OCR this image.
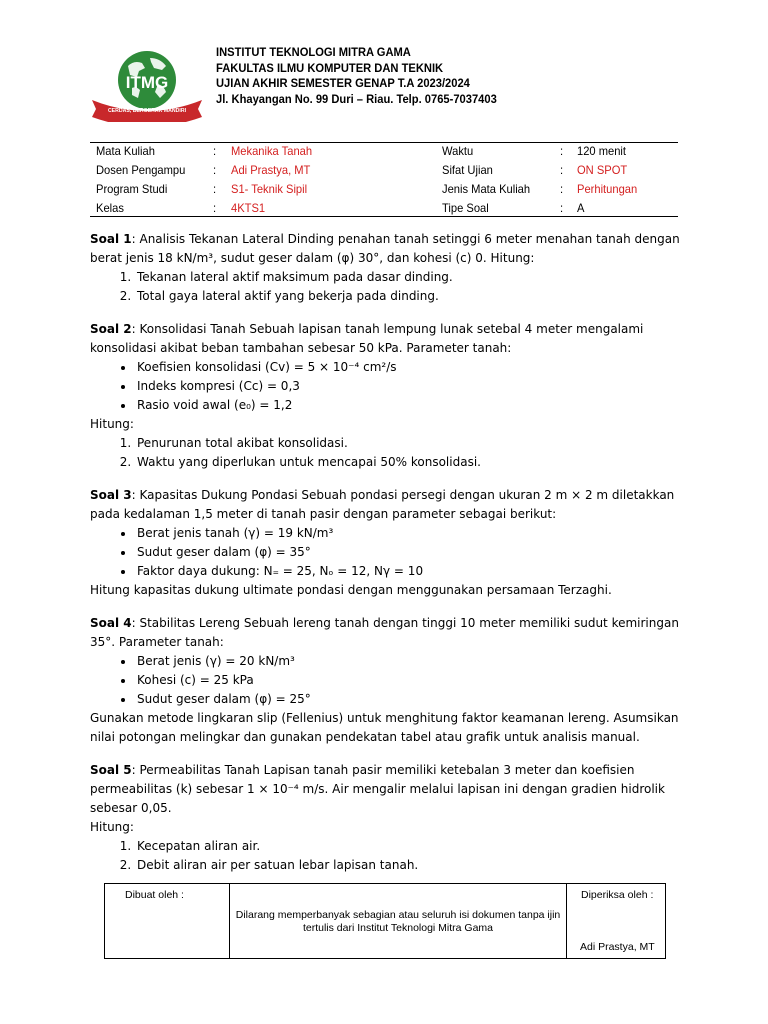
ITMG
CERDAS, BERGERAK MANDIRI
INSTITUT TEKNOLOGI MITRA GAMA
FAKULTAS ILMU KOMPUTER DAN TEKNIK
UJIAN AKHIR SEMESTER GENAP T.A 2023/2024
Jl. Khayangan No. 99 Duri – Riau. Telp. 0765-7037403
Mata Kuliah
Dosen Pengampu
Program Studi
Kelas
:
:
:
:
Mekanika Tanah
Adi Prastya, MT
S1- Teknik Sipil
4KTS1
Waktu
Sifat Ujian
Jenis Mata Kuliah
Tipe Soal
:
:
:
:
120 menit
ON SPOT
Perhitungan
A

Soal 1: Analisis Tekanan Lateral Dinding penahan tanah setinggi 6 meter menahan tanah dengan berat jenis 18 kN/m³, sudut geser dalam (φ) 30°, dan kohesi (c) 0. Hitung:

1. Tekanan lateral aktif maksimum pada dasar dinding.
2. Total gaya lateral aktif yang bekerja pada dinding.

Soal 2: Konsolidasi Tanah Sebuah lapisan tanah lempung lunak setebal 4 meter mengalami konsolidasi akibat beban tambahan sebesar 50 kPa. Parameter tanah:

• Koefisien konsolidasi (Cv) = 5 × 10⁻⁴ cm²/s
• Indeks kompresi (Cc) = 0,3
• Rasio void awal (e₀) = 1,2

Hitung:

1. Penurunan total akibat konsolidasi.
2. Waktu yang diperlukan untuk mencapai 50% konsolidasi.

Soal 3: Kapasitas Dukung Pondasi Sebuah pondasi persegi dengan ukuran 2 m × 2 m diletakkan pada kedalaman 1,5 meter di tanah pasir dengan parameter sebagai berikut:

• Berat jenis tanah (γ) = 19 kN/m³
• Sudut geser dalam (φ) = 35°
• Faktor daya dukung: N₌ = 25, Nₒ = 12, Nγ = 10

Hitung kapasitas dukung ultimate pondasi dengan menggunakan persamaan Terzaghi.

Soal 4: Stabilitas Lereng Sebuah lereng tanah dengan tinggi 10 meter memiliki sudut kemiringan 35°. Parameter tanah:

• Berat jenis (γ) = 20 kN/m³
• Kohesi (c) = 25 kPa
• Sudut geser dalam (φ) = 25°

Gunakan metode lingkaran slip (Fellenius) untuk menghitung faktor keamanan lereng. Asumsikan nilai potongan melingkar dan gunakan pendekatan tabel atau grafik untuk analisis manual.

Soal 5: Permeabilitas Tanah Lapisan tanah pasir memiliki ketebalan 3 meter dan koefisien permeabilitas (k) sebesar 1 × 10⁻⁴ m/s. Air mengalir melalui lapisan ini dengan gradien hidrolik sebesar 0,05.

Hitung:

1. Kecepatan aliran air.
2. Debit aliran air per satuan lebar lapisan tanah.
Dibuat oleh :
Dilarang memperbanyak sebagian atau seluruh isi dokumen tanpa ijin
tertulis dari Institut Teknologi Mitra Gama
Diperiksa oleh :
Adi Prastya, MT
